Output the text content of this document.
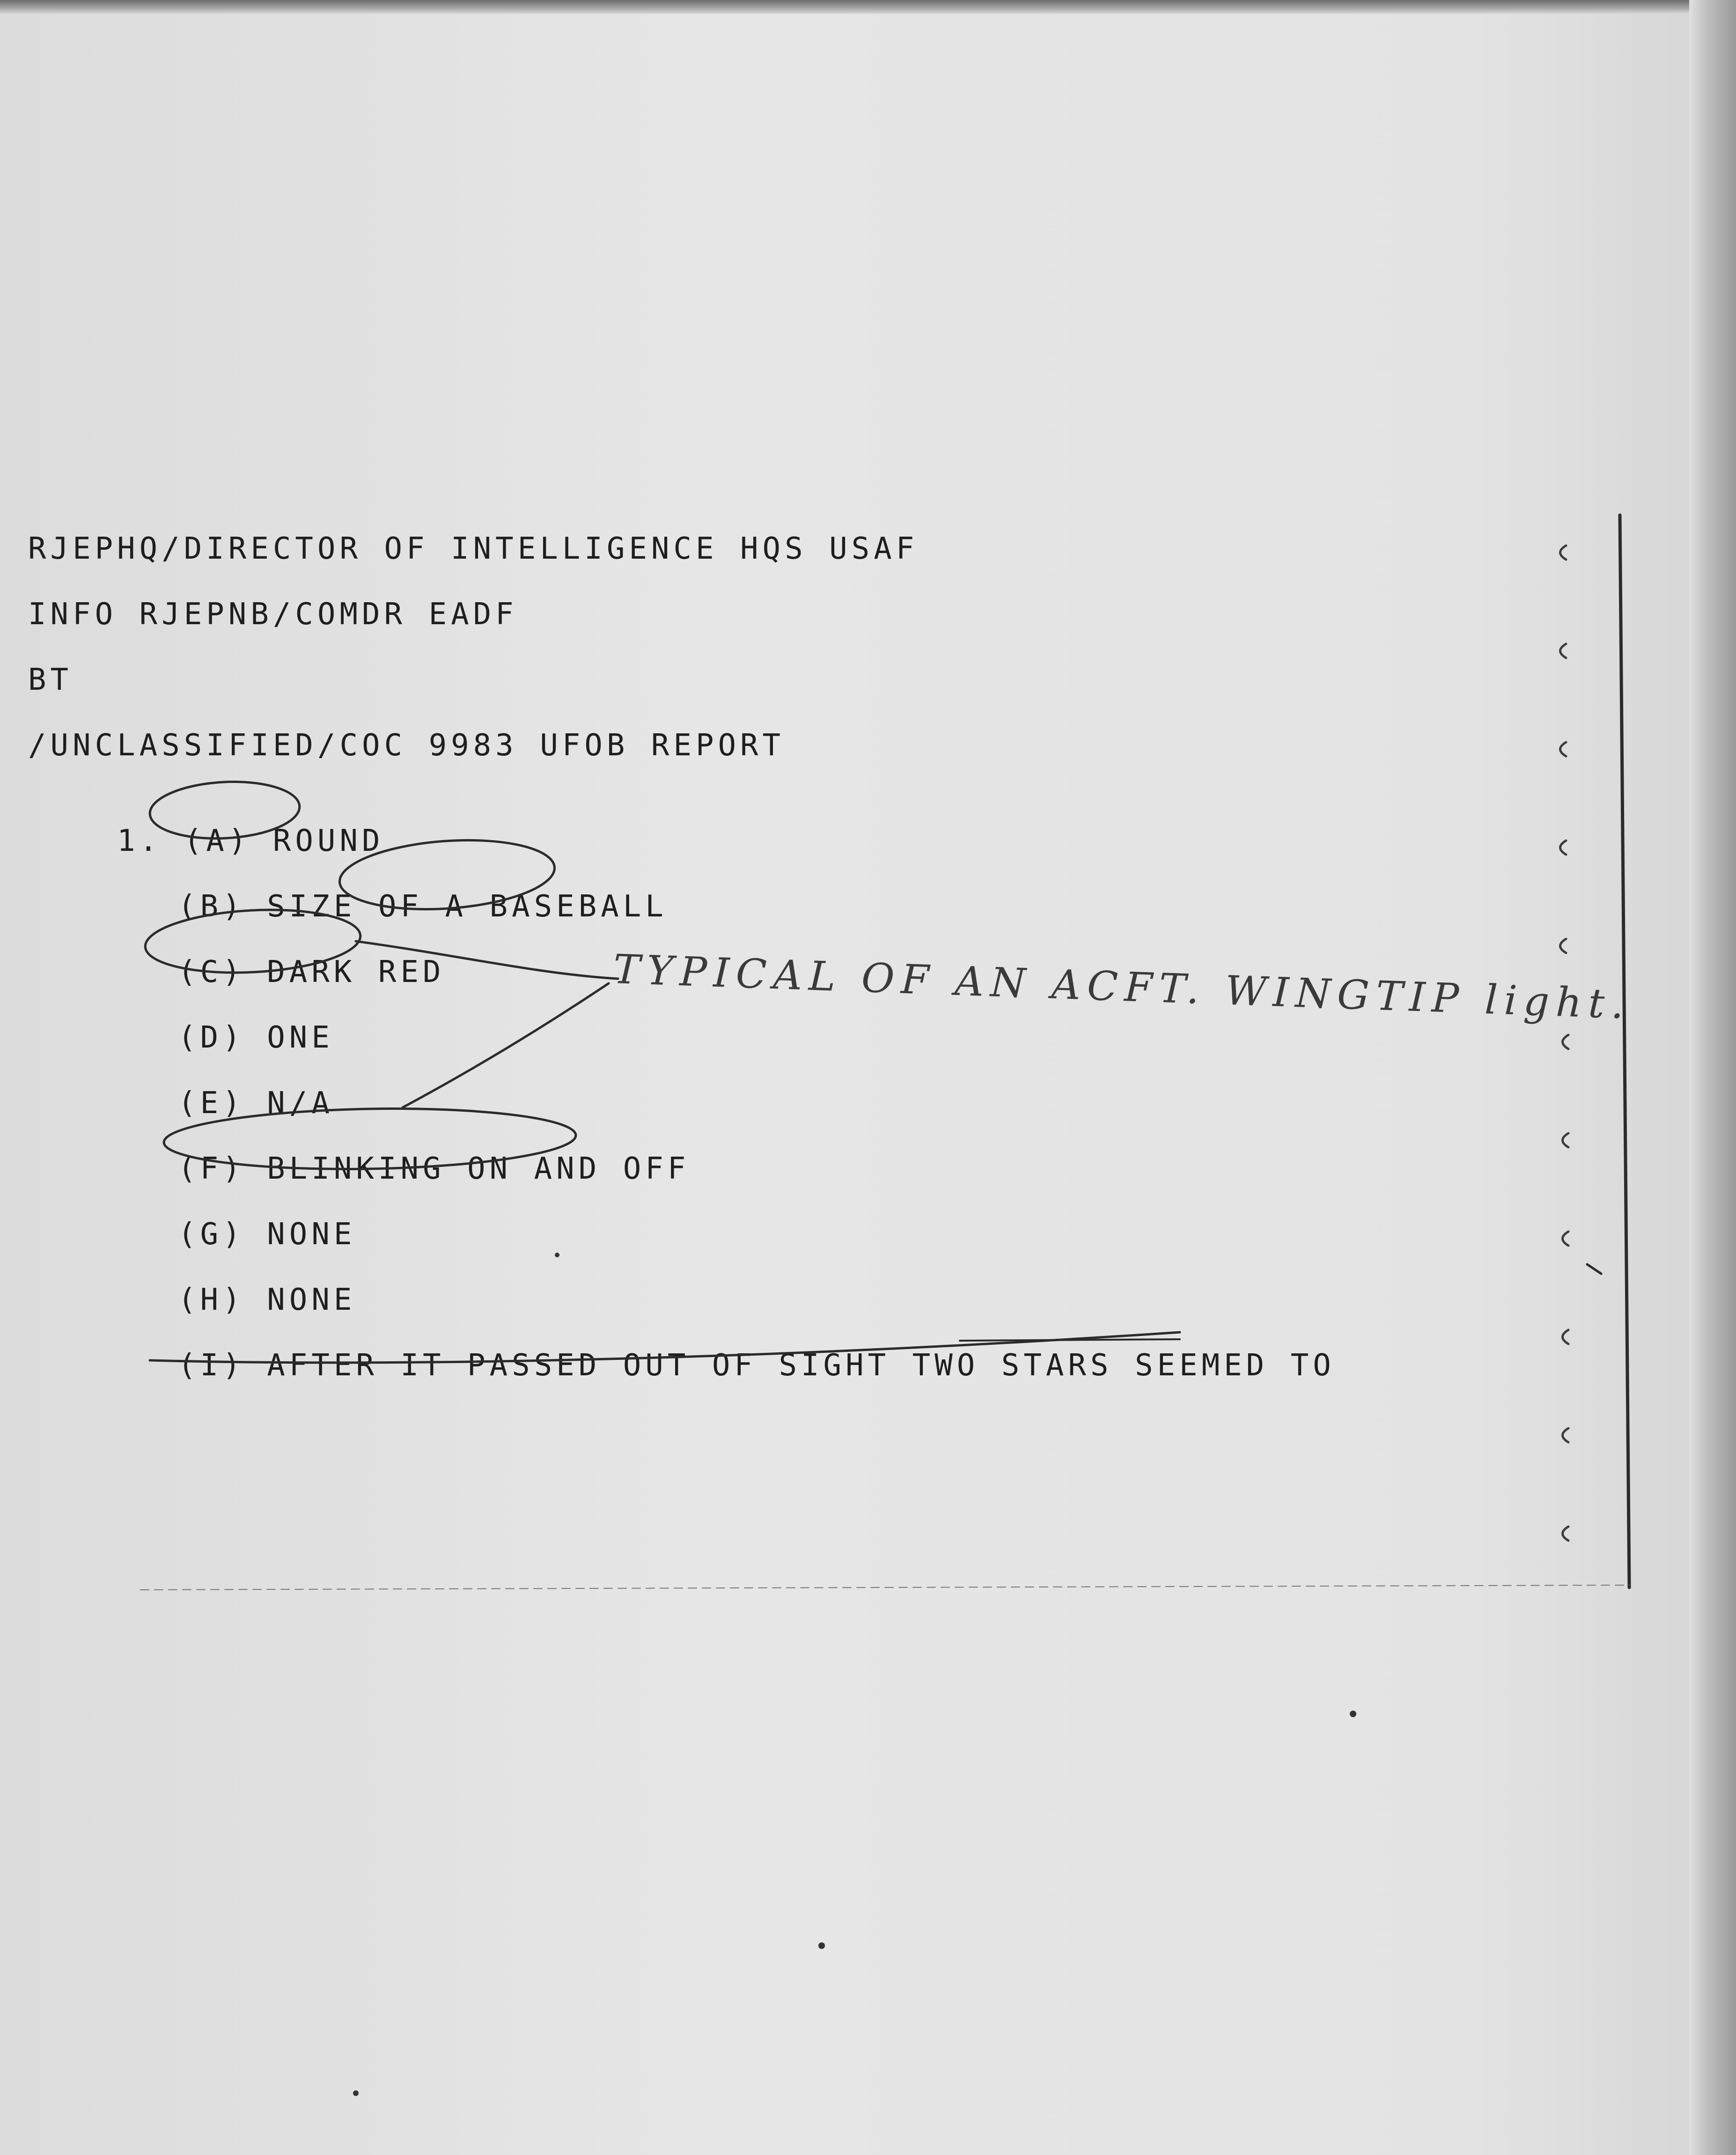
RJEPHQ/DIRECTOR OF INTELLIGENCE HQS USAF
INFO RJEPNB/COMDR EADF
BT
/UNCLASSIFIED/COC 9983 UFOB REPORT

1. (A) ROUND

(B) SIZE OF A BASEBALL

(C) DARK RED

(D) ONE

(E) N/A

(F) BLINKING ON AND OFF

(G) NONE

(H) NONE

(I) AFTER IT PASSED OUT OF SIGHT TWO STARS SEEMED TO

TYPICAL OF AN ACFT. WINGTIP light.
